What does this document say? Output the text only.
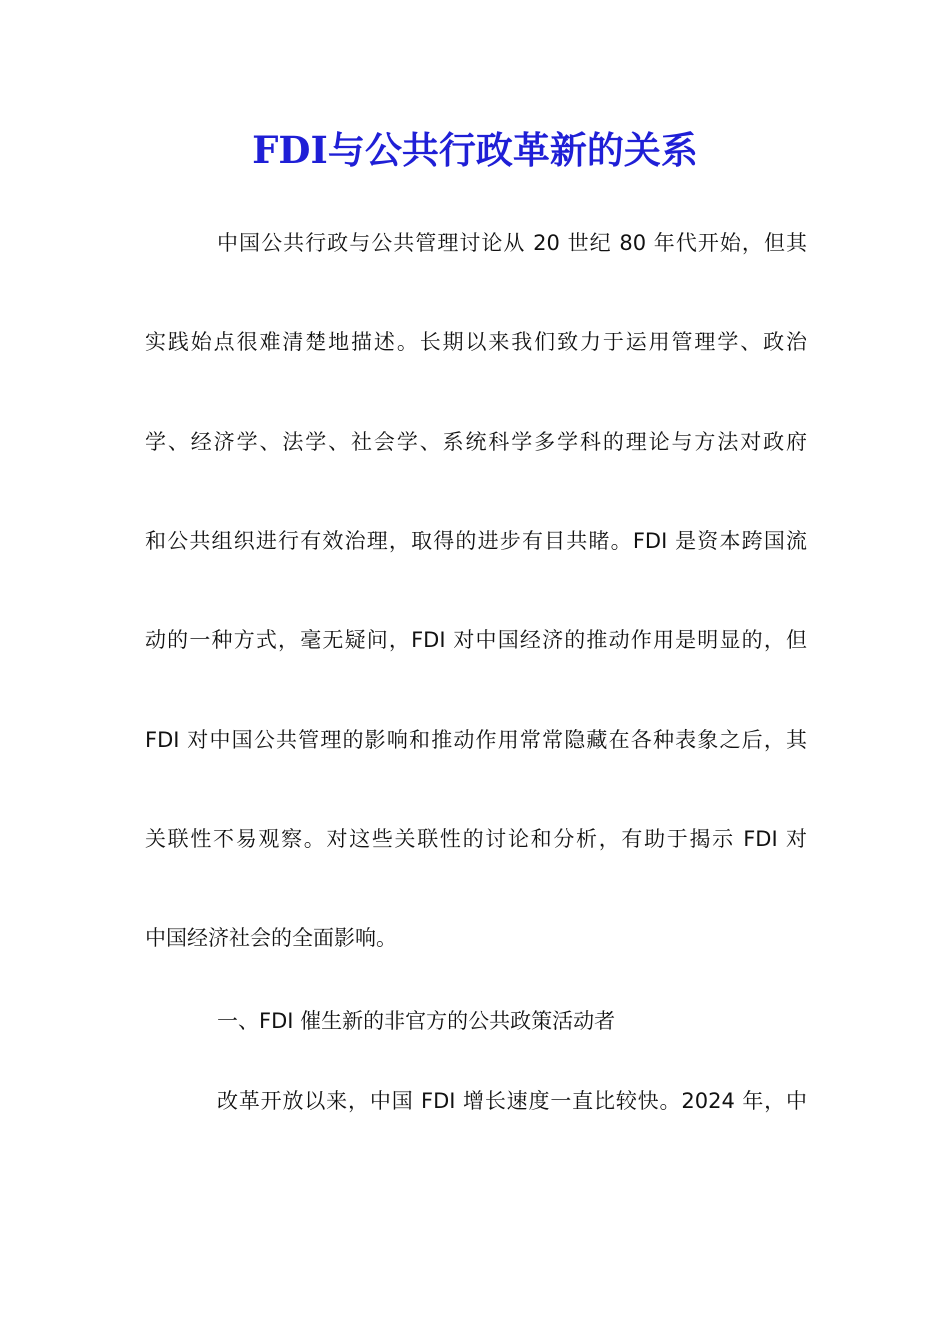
FDI与公共行政革新的关系
中国公共行政与公共管理讨论从 20 世纪 80 年代开始，但其
实践始点很难清楚地描述。长期以来我们致力于运用管理学、政治
学、经济学、法学、社会学、系统科学多学科的理论与方法对政府
和公共组织进行有效治理，取得的进步有目共睹。FDI 是资本跨国流
动的一种方式，毫无疑问，FDI 对中国经济的推动作用是明显的，但
FDI 对中国公共管理的影响和推动作用常常隐藏在各种表象之后，其
关联性不易观察。对这些关联性的讨论和分析，有助于揭示 FDI 对
中国经济社会的全面影响。
一、FDI 催生新的非官方的公共政策活动者
改革开放以来，中国 FDI 增长速度一直比较快。2024 年，中
